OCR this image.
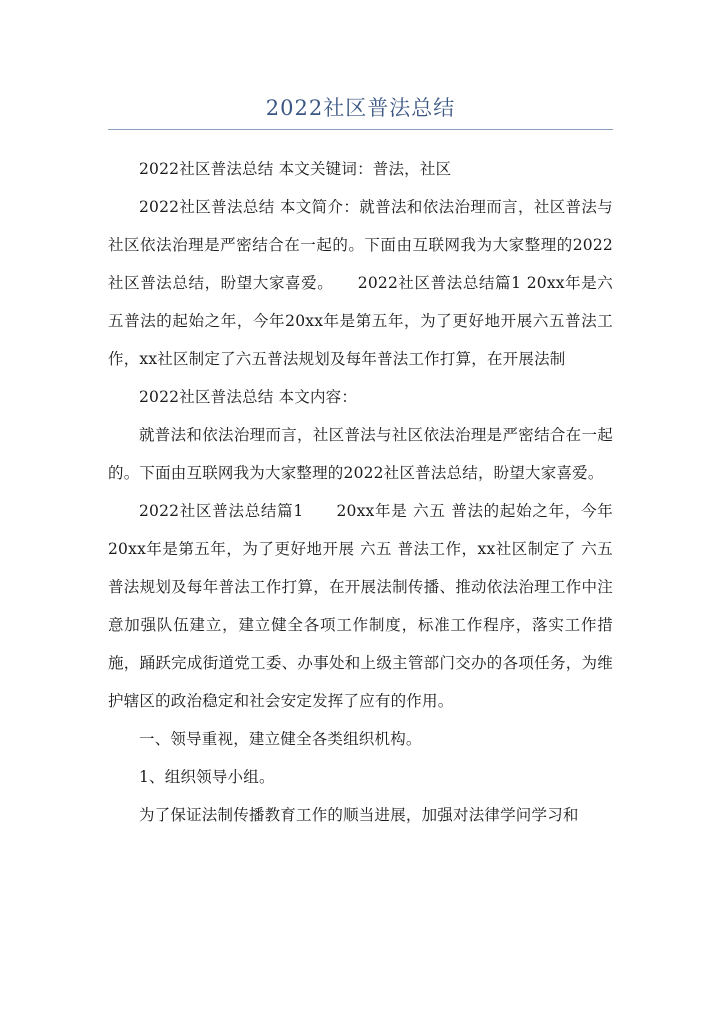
2022社区普法总结

2022社区普法总结 本文关键词：普法，社区

2022社区普法总结 本文简介：就普法和依法治理而言，社区普法与社区依法治理是严密结合在一起的。下面由互联网我为大家整理的2022社区普法总结，盼望大家喜爱。　　2022社区普法总结篇1 20xx年是六五普法的起始之年，今年20xx年是第五年，为了更好地开展六五普法工作，xx社区制定了六五普法规划及每年普法工作打算，在开展法制

2022社区普法总结 本文内容：

就普法和依法治理而言，社区普法与社区依法治理是严密结合在一起的。下面由互联网我为大家整理的2022社区普法总结，盼望大家喜爱。

2022社区普法总结篇1　　20xx年是 六五 普法的起始之年，今年20xx年是第五年，为了更好地开展 六五 普法工作，xx社区制定了 六五 普法规划及每年普法工作打算，在开展法制传播、推动依法治理工作中注意加强队伍建立，建立健全各项工作制度，标准工作程序，落实工作措施，踊跃完成街道党工委、办事处和上级主管部门交办的各项任务，为维护辖区的政治稳定和社会安定发挥了应有的作用。

一、领导重视，建立健全各类组织机构。

1、组织领导小组。

为了保证法制传播教育工作的顺当进展，加强对法律学问学习和
